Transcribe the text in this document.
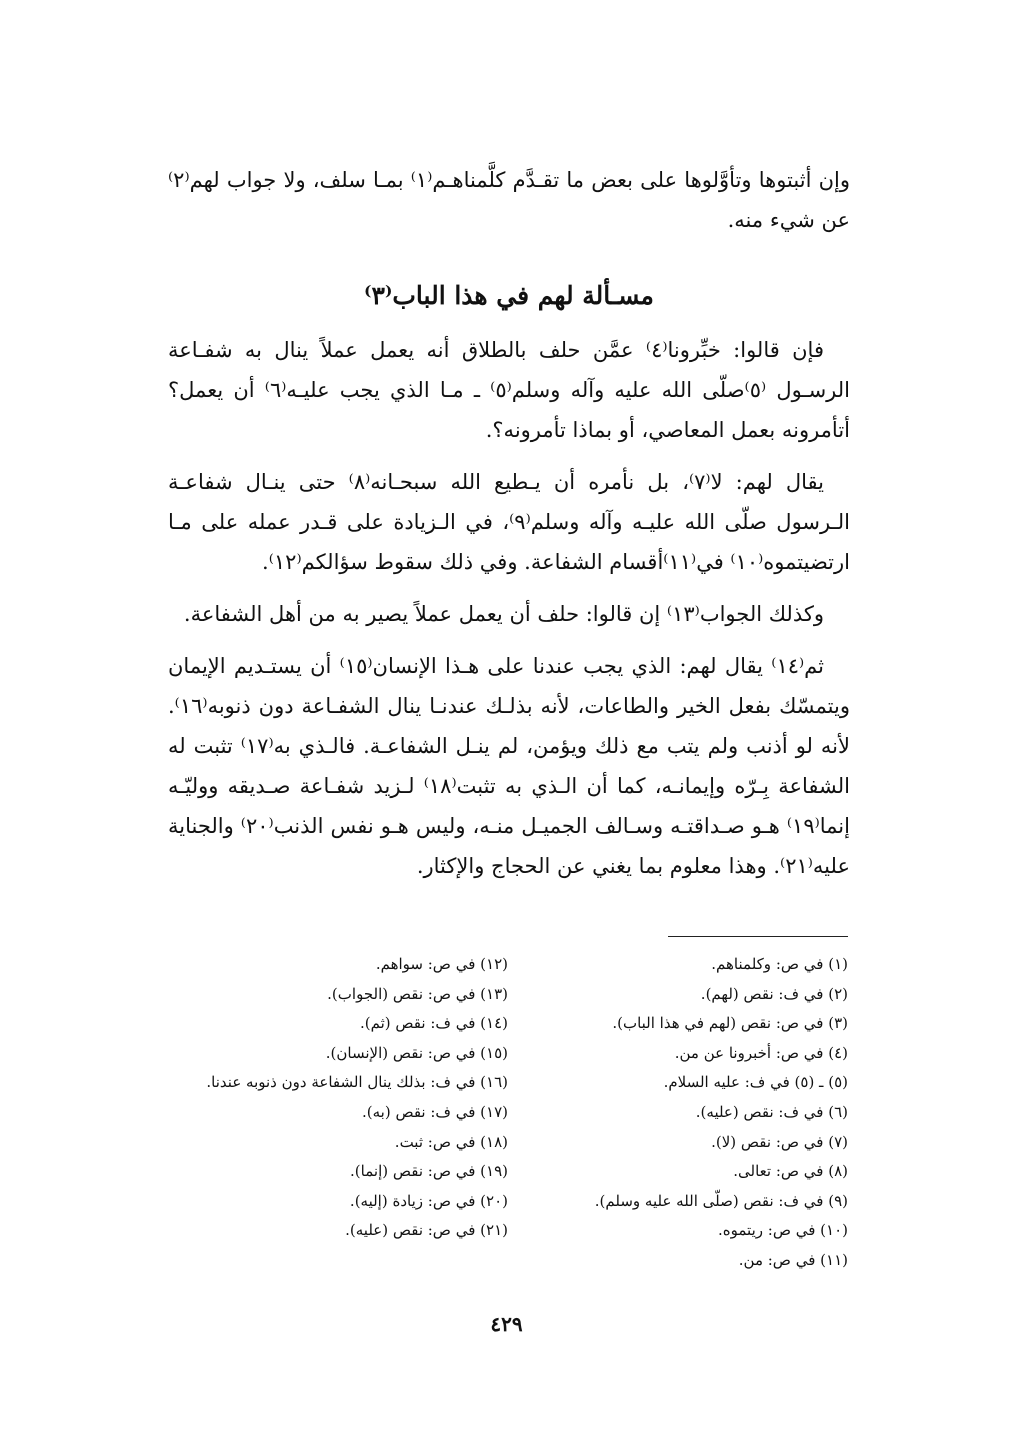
وإن أثبتوها وتأوَّلوها على بعض ما تقـدَّم كلَّمناهـم⁽١⁾ بمـا سلف، ولا جواب لهم⁽٢⁾ عن شيء منه.

مسـألة لهم في هذا الباب⁽٣⁾

فإن قالوا: خبِّرونا⁽٤⁾ عمَّن حلف بالطلاق أنه يعمل عملاً ينال به شفـاعة الرسـول ⁽٥⁾صلّى الله عليه وآله وسلم⁽٥⁾ ـ مـا الذي يجب عليـه⁽٦⁾ أن يعمل؟ أتأمرونه بعمل المعاصي، أو بماذا تأمرونه؟.

يقال لهم: لا⁽٧⁾، بل نأمره أن يـطيع الله سبحـانه⁽٨⁾ حتى ينـال شفاعـة الـرسول صلّى الله عليـه وآله وسلم⁽٩⁾، في الـزيادة على قـدر عمله على مـا ارتضيتموه⁽١٠⁾ في⁽١١⁾أقسام الشفاعة. وفي ذلك سقوط سؤالكم⁽١٢⁾.

وكذلك الجواب⁽١٣⁾ إن قالوا: حلف أن يعمل عملاً يصير به من أهل الشفاعة.

ثم⁽١٤⁾ يقال لهم: الذي يجب عندنا على هـذا الإنسان⁽١٥⁾ أن يستـديم الإيمان ويتمسّك بفعل الخير والطاعات، لأنه بذلـك عندنـا ينال الشفـاعة دون ذنوبه⁽١٦⁾. لأنه لو أذنب ولم يتب مع ذلك ويؤمن، لم ينـل الشفاعـة. فالـذي به⁽١٧⁾ تثبت له الشفاعة بِـرّه وإيمانـه، كما أن الـذي به تثبت⁽١٨⁾ لـزيد شفـاعة صـديقه ووليّـه إنما⁽١٩⁾ هـو صـداقتـه وسـالف الجميـل منـه، وليس هـو نفس الذنب⁽٢٠⁾ والجناية عليه⁽٢١⁾. وهذا معلوم بما يغني عن الحجاج والإكثار.

(١) في ص: وكلمناهم.
(٢) في ف: نقص (لهم).
(٣) في ص: نقص (لهم في هذا الباب).
(٤) في ص: أخبرونا عن من.
(٥) ـ (٥) في ف: عليه السلام.
(٦) في ف: نقص (عليه).
(٧) في ص: نقص (لا).
(٨) في ص: تعالى.
(٩) في ف: نقص (صلّى الله عليه وسلم).
(١٠) في ص: ريتموه.
(١١) في ص: من.
(١٢) في ص: سواهم.
(١٣) في ص: نقص (الجواب).
(١٤) في ف: نقص (ثم).
(١٥) في ص: نقص (الإنسان).
(١٦) في ف: بذلك ينال الشفاعة دون ذنوبه عندنا.
(١٧) في ف: نقص (به).
(١٨) في ص: ثبت.
(١٩) في ص: نقص (إنما).
(٢٠) في ص: زيادة (إليه).
(٢١) في ص: نقص (عليه).
٤٢٩
